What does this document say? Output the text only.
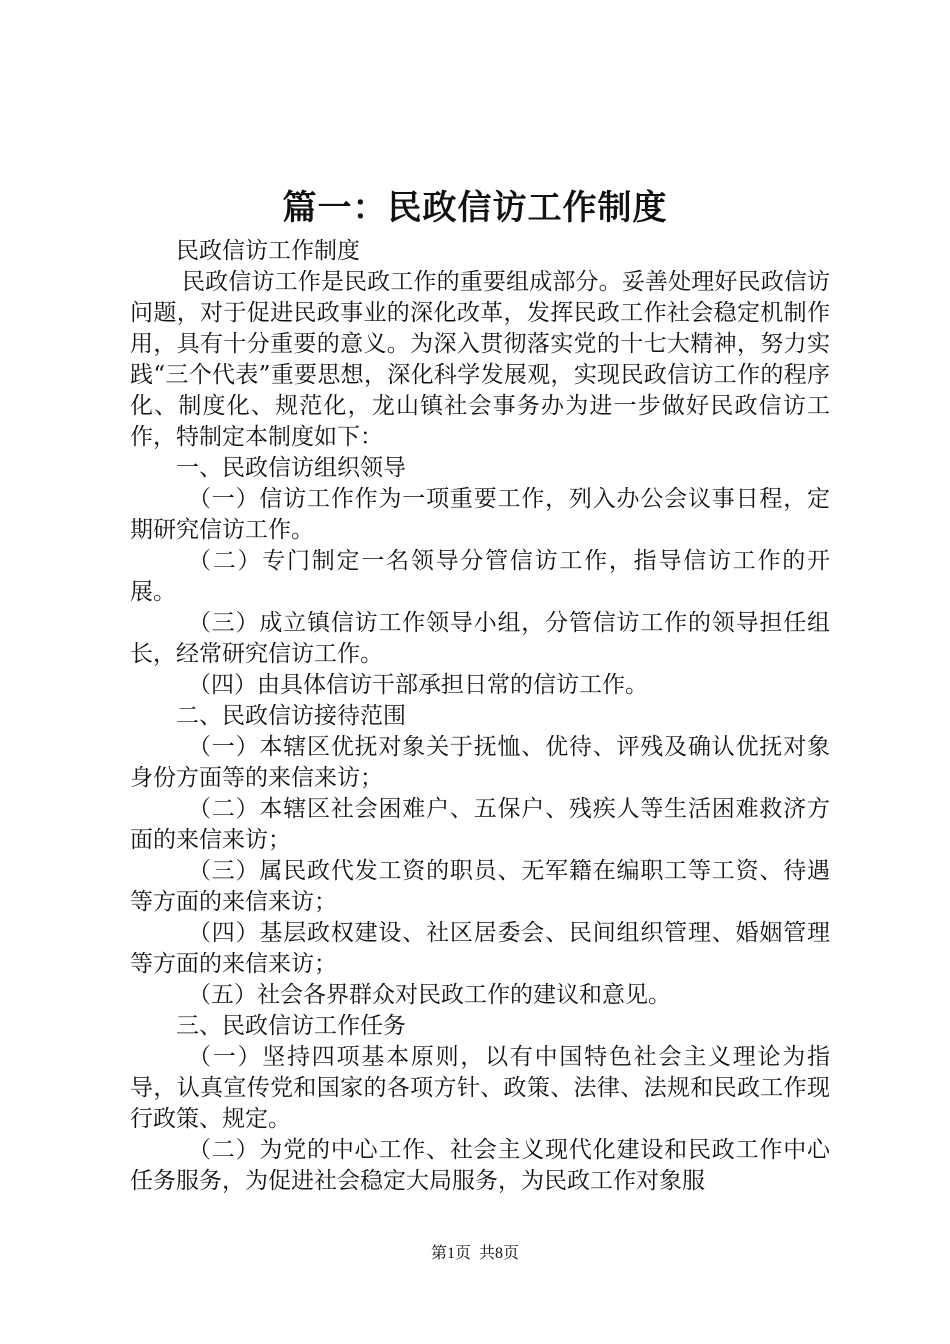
篇一：民政信访工作制度

民政信访工作制度

民政信访工作是民政工作的重要组成部分。妥善处理好民政信访问题，对于促进民政事业的深化改革，发挥民政工作社会稳定机制作用，具有十分重要的意义。为深入贯彻落实党的十七大精神，努力实践“三个代表”重要思想，深化科学发展观，实现民政信访工作的程序化、制度化、规范化，龙山镇社会事务办为进一步做好民政信访工作，特制定本制度如下：

一、民政信访组织领导

（一）信访工作作为一项重要工作，列入办公会议事日程，定期研究信访工作。

（二）专门制定一名领导分管信访工作，指导信访工作的开展。

（三）成立镇信访工作领导小组，分管信访工作的领导担任组长，经常研究信访工作。

（四）由具体信访干部承担日常的信访工作。

二、民政信访接待范围

（一）本辖区优抚对象关于抚恤、优待、评残及确认优抚对象身份方面等的来信来访；

（二）本辖区社会困难户、五保户、残疾人等生活困难救济方面的来信来访；

（三）属民政代发工资的职员、无军籍在编职工等工资、待遇等方面的来信来访；

（四）基层政权建设、社区居委会、民间组织管理、婚姻管理等方面的来信来访；

（五）社会各界群众对民政工作的建议和意见。

三、民政信访工作任务

（一）坚持四项基本原则，以有中国特色社会主义理论为指导，认真宣传党和国家的各项方针、政策、法律、法规和民政工作现行政策、规定。

（二）为党的中心工作、社会主义现代化建设和民政工作中心任务服务，为促进社会稳定大局服务，为民政工作对象服

第1页 共8页
